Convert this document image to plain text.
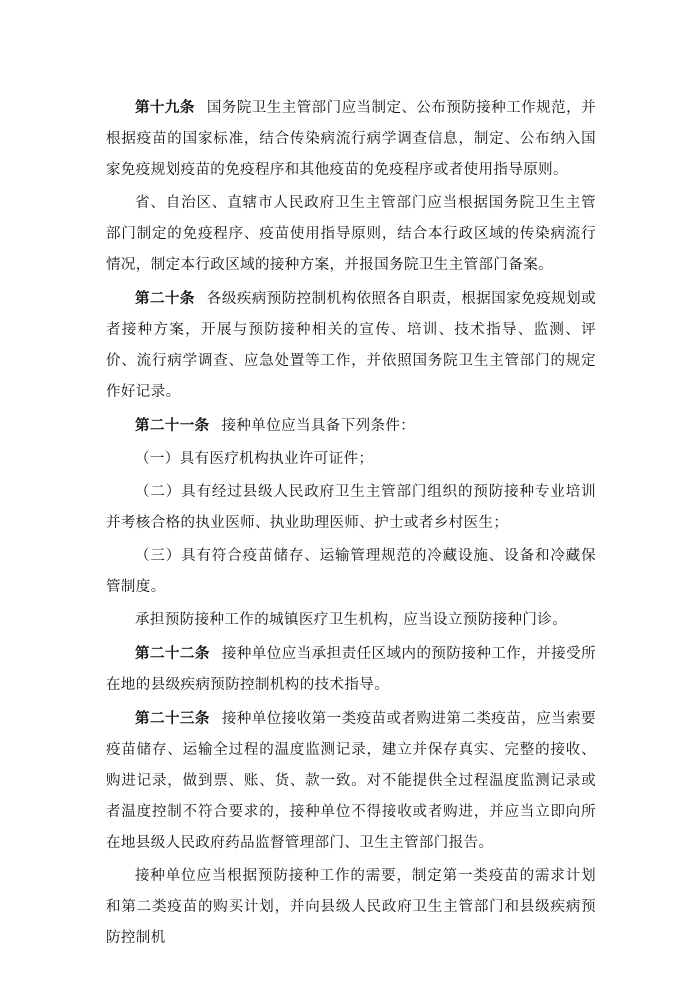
第十九条 国务院卫生主管部门应当制定、公布预防接种工作规范，并根据疫苗的国家标准，结合传染病流行病学调查信息，制定、公布纳入国家免疫规划疫苗的免疫程序和其他疫苗的免疫程序或者使用指导原则。

省、自治区、直辖市人民政府卫生主管部门应当根据国务院卫生主管部门制定的免疫程序、疫苗使用指导原则，结合本行政区域的传染病流行情况，制定本行政区域的接种方案，并报国务院卫生主管部门备案。

第二十条 各级疾病预防控制机构依照各自职责，根据国家免疫规划或者接种方案，开展与预防接种相关的宣传、培训、技术指导、监测、评价、流行病学调查、应急处置等工作，并依照国务院卫生主管部门的规定作好记录。

第二十一条 接种单位应当具备下列条件：

（一）具有医疗机构执业许可证件；

（二）具有经过县级人民政府卫生主管部门组织的预防接种专业培训并考核合格的执业医师、执业助理医师、护士或者乡村医生；

（三）具有符合疫苗储存、运输管理规范的冷藏设施、设备和冷藏保管制度。

承担预防接种工作的城镇医疗卫生机构，应当设立预防接种门诊。

第二十二条 接种单位应当承担责任区域内的预防接种工作，并接受所在地的县级疾病预防控制机构的技术指导。

第二十三条 接种单位接收第一类疫苗或者购进第二类疫苗，应当索要疫苗储存、运输全过程的温度监测记录，建立并保存真实、完整的接收、购进记录，做到票、账、货、款一致。对不能提供全过程温度监测记录或者温度控制不符合要求的，接种单位不得接收或者购进，并应当立即向所在地县级人民政府药品监督管理部门、卫生主管部门报告。

接种单位应当根据预防接种工作的需要，制定第一类疫苗的需求计划和第二类疫苗的购买计划，并向县级人民政府卫生主管部门和县级疾病预防控制机
